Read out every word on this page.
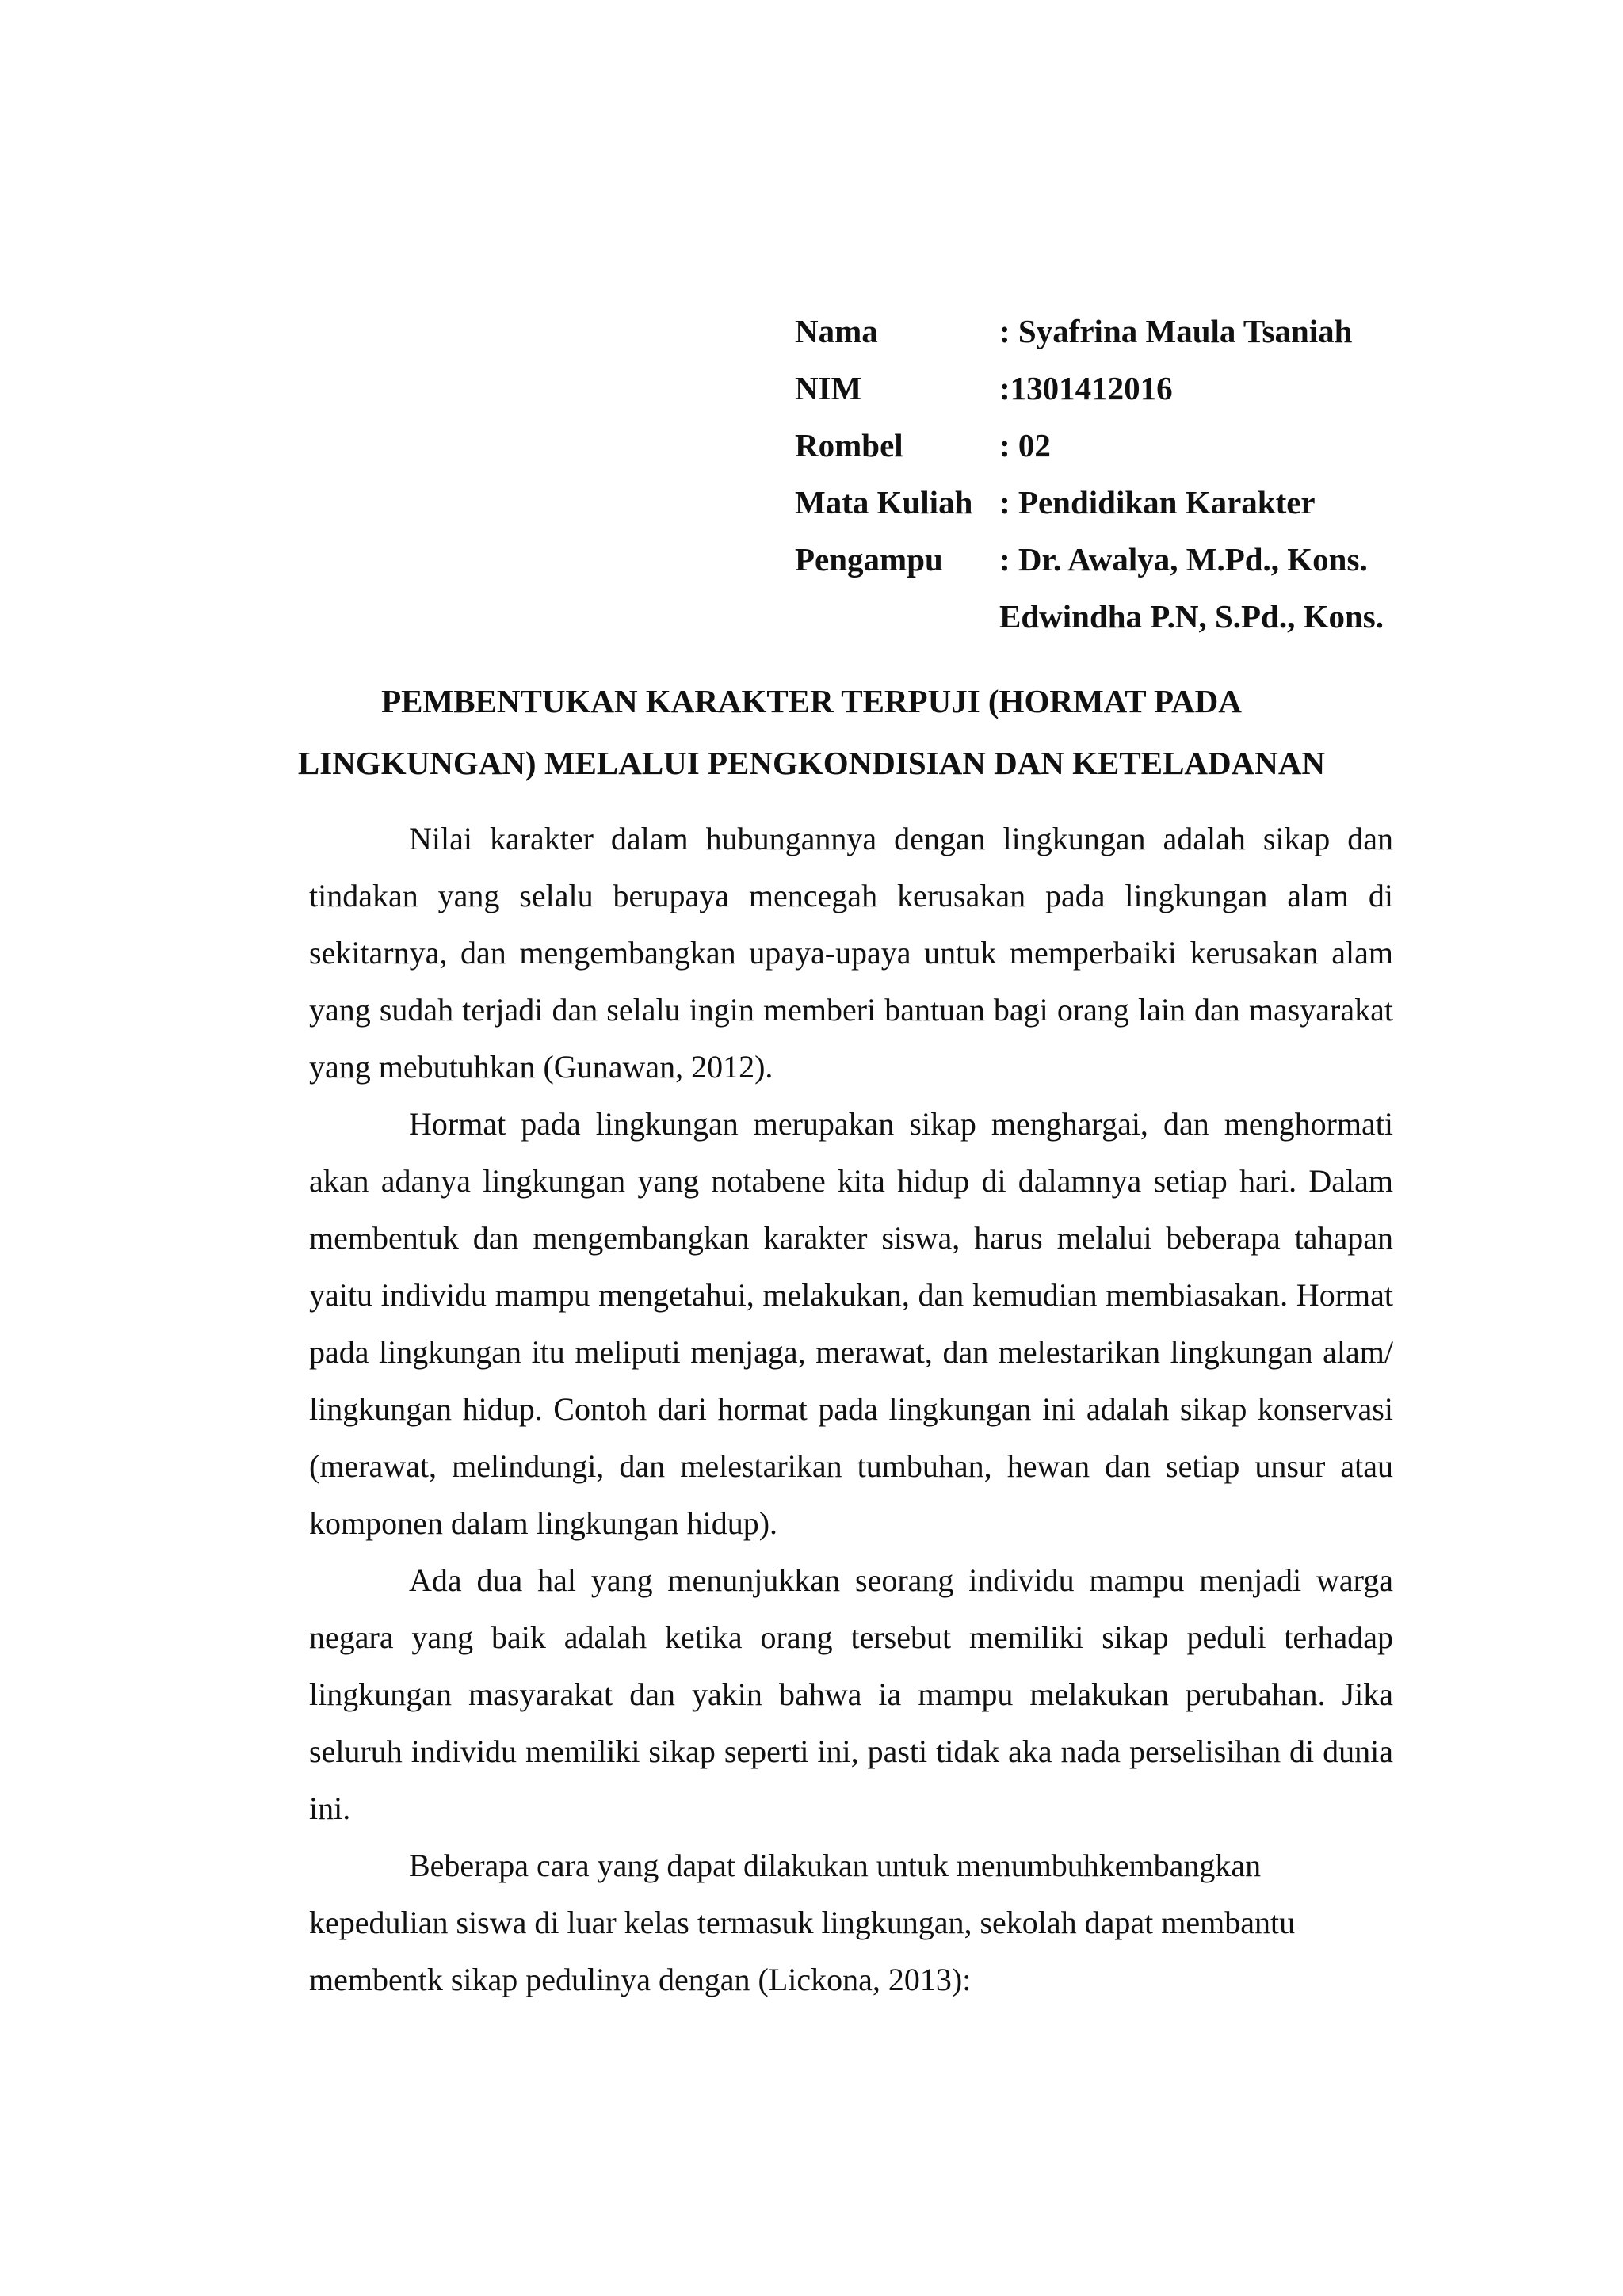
Nama	: Syafrina Maula Tsaniah
NIM	:1301412016
Rombel	: 02
Mata Kuliah : Pendidikan Karakter
Pengampu	: Dr. Awalya, M.Pd., Kons.
Edwindha P.N, S.Pd., Kons.
PEMBENTUKAN KARAKTER TERPUJI (HORMAT PADA
LINGKUNGAN) MELALUI PENGKONDISIAN DAN KETELADANAN

Nilai karakter dalam hubungannya dengan lingkungan adalah sikap dan tindakan yang selalu berupaya mencegah kerusakan pada lingkungan alam di sekitarnya, dan mengembangkan upaya-upaya untuk memperbaiki kerusakan alam yang sudah terjadi dan selalu ingin memberi bantuan bagi orang lain dan masyarakat yang mebutuhkan (Gunawan, 2012).

Hormat pada lingkungan merupakan sikap menghargai, dan menghormati akan adanya lingkungan yang notabene kita hidup di dalamnya setiap hari. Dalam membentuk dan mengembangkan karakter siswa, harus melalui beberapa tahapan yaitu individu mampu mengetahui, melakukan, dan kemudian membiasakan. Hormat pada lingkungan itu meliputi menjaga, merawat, dan melestarikan lingkungan alam/ lingkungan hidup. Contoh dari hormat pada lingkungan ini adalah sikap konservasi (merawat, melindungi, dan melestarikan tumbuhan, hewan dan setiap unsur atau komponen dalam lingkungan hidup).

Ada dua hal yang menunjukkan seorang individu mampu menjadi warga negara yang baik adalah ketika orang tersebut memiliki sikap peduli terhadap lingkungan masyarakat dan yakin bahwa ia mampu melakukan perubahan. Jika seluruh individu memiliki sikap seperti ini, pasti tidak aka nada perselisihan di dunia ini.

Beberapa cara yang dapat dilakukan untuk menumbuhkembangkan kepedulian siswa di luar kelas termasuk lingkungan, sekolah dapat membantu membentk sikap pedulinya dengan (Lickona, 2013):
